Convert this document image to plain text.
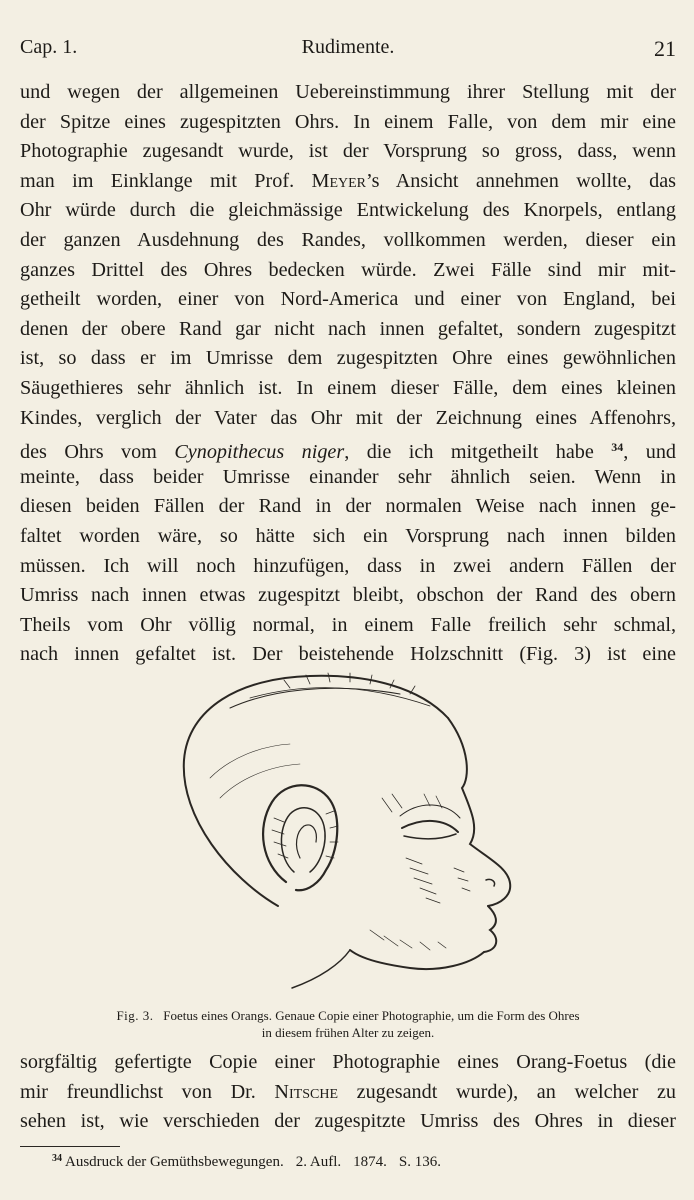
Cap. 1.	Rudimente.	21
und wegen der allgemeinen Uebereinstimmung ihrer Stellung mit der
der Spitze eines zugespitzten Ohrs. In einem Falle, von dem mir eine
Photographie zugesandt wurde, ist der Vorsprung so gross, dass, wenn
man im Einklange mit Prof. Meyer’s Ansicht annehmen wollte, das
Ohr würde durch die gleichmässige Entwickelung des Knorpels, entlang
der ganzen Ausdehnung des Randes, vollkommen werden, dieser ein
ganzes Drittel des Ohres bedecken würde. Zwei Fälle sind mir mit-
getheilt worden, einer von Nord-America und einer von England, bei
denen der obere Rand gar nicht nach innen gefaltet, sondern zugespitzt
ist, so dass er im Umrisse dem zugespitzten Ohre eines gewöhnlichen
Säugethieres sehr ähnlich ist. In einem dieser Fälle, dem eines kleinen
Kindes, verglich der Vater das Ohr mit der Zeichnung eines Affenohrs,
des Ohrs vom Cynopithecus niger, die ich mitgetheilt habe $^{34}$, und
meinte, dass beider Umrisse einander sehr ähnlich seien. Wenn in
diesen beiden Fällen der Rand in der normalen Weise nach innen ge-
faltet worden wäre, so hätte sich ein Vorsprung nach innen bilden
müssen. Ich will noch hinzufügen, dass in zwei andern Fällen der
Umriss nach innen etwas zugespitzt bleibt, obschon der Rand des obern
Theils vom Ohr völlig normal, in einem Falle freilich sehr schmal,
nach innen gefaltet ist. Der beistehende Holzschnitt (Fig. 3) ist eine
Fig. 3. Foetus eines Orangs. Genaue Copie einer Photographie, um die Form des Ohres
in diesem frühen Alter zu zeigen.
sorgfältig gefertigte Copie einer Photographie eines Orang-Foetus (die
mir freundlichst von Dr. Nitsche zugesandt wurde), an welcher zu
sehen ist, wie verschieden der zugespitzte Umriss des Ohres in dieser
$^{34}$ Ausdruck der Gemüthsbewegungen. 2. Aufl. 1874. S. 136.
